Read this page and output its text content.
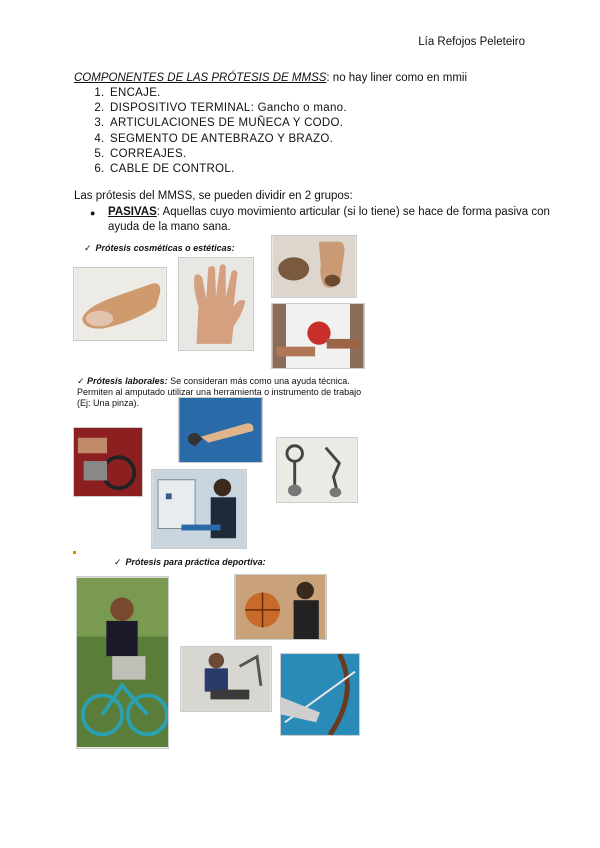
Lía Refojos Peleteiro
COMPONENTES DE LAS PRÓTESIS DE MMSS: no hay liner como en mmii
1. ENCAJE.
2. DISPOSITIVO TERMINAL: Gancho o mano.
3. ARTICULACIONES DE MUÑECA Y CODO.
4. SEGMENTO DE ANTEBRAZO Y BRAZO.
5. CORREAJES.
6. CABLE DE CONTROL.
Las prótesis del MMSS, se pueden dividir en 2 grupos:
● PASIVAS: Aquellas cuyo movimiento articular (si lo tiene) se hace de forma pasiva con ayuda de la mano sana.
✓ Prótesis cosméticas o estéticas:
✓ Prótesis laborales: Se consideran más como una ayuda técnica. Permiten al amputado utilizar una herramienta o instrumento de trabajo (Ej: Una pinza).
✓ Prótesis para práctica deportiva:
